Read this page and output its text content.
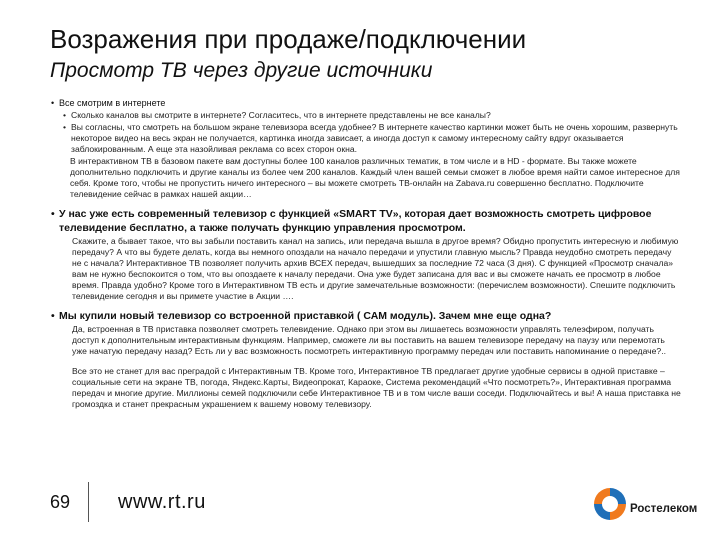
Возражения при продаже/подключении
Просмотр ТВ через другие источники
• Все смотрим в интернете
• Сколько каналов вы смотрите в интернете? Согласитесь, что в интернете представлены не все каналы?
• Вы согласны, что смотреть на большом экране телевизора всегда удобнее? В интернете качество картинки может быть не очень хорошим, развернуть некоторое видео на весь экран не получается, картинка иногда зависает, а иногда доступ к самому интересному сайту вдруг оказывается заблокированным. А еще эта назойливая реклама со всех сторон окна.
В интерактивном ТВ в базовом пакете вам доступны более 100 каналов различных тематик, в том числе и в HD - формате. Вы также можете дополнительно подключить и другие каналы из более чем 200 каналов. Каждый член вашей семьи сможет в любое время найти самое интересное для себя. Кроме того, чтобы не пропустить ничего интересного – вы можете смотреть ТВ-онлайн на Zabava.ru совершенно бесплатно. Подключите телевидение сейчас в рамках нашей акции…
• У нас уже есть современный телевизор с функцией «SMART TV», которая дает возможность смотреть цифровое телевидение бесплатно, а также получать функцию управления просмотром.
Скажите, а бывает такое, что вы забыли поставить канал на запись, или передача вышла в другое время? Обидно пропустить интересную и любимую передачу? А что вы будете делать, когда вы немного опоздали на начало передачи и упустили главную мысль? Правда неудобно смотреть передачу не с начала? Интерактивное ТВ позволяет получить архив ВСЕХ передач, вышедших за последние 72 часа (3 дня). С функцией «Просмотр сначала» вам не нужно беспокоится о том, что вы опоздаете к началу передачи. Она уже будет записана для вас и вы сможете начать ее просмотр в любое время. Правда удобно? Кроме того в Интерактивном ТВ есть и другие замечательные возможности: (перечислем возможности). Спешите подключить телевидение сегодня и вы примете участие в Акции ….
• Мы купили новый телевизор со встроенной приставкой ( САМ модуль). Зачем мне еще одна?
Да, встроенная в ТВ приставка позволяет смотреть телевидение. Однако при этом вы лишаетесь возможности управлять телеэфиром, получать доступ к дополнительным интерактивным функциям. Например, сможете ли вы поставить на вашем телевизоре передачу на паузу или перемотать уже начатую передачу назад? Есть ли у вас возможность посмотреть интерактивную программу передач или поставить напоминание о передаче?..
Все это не станет для вас преградой с Интерактивным ТВ. Кроме того, Интерактивное ТВ предлагает другие удобные сервисы в одной приставке – социальные сети на экране ТВ, погода, Яндекс.Карты, Видеопрокат, Караоке, Система рекомендаций «Что посмотреть?», Интерактивная программа передач и многие другие. Миллионы семей подключили себе Интерактивное ТВ и в том числе ваши соседи. Подключайтесь и вы! А наша приставка не громоздка и станет прекрасным украшением к вашему новому телевизору.
69 www.rt.ru	Ростелеком
